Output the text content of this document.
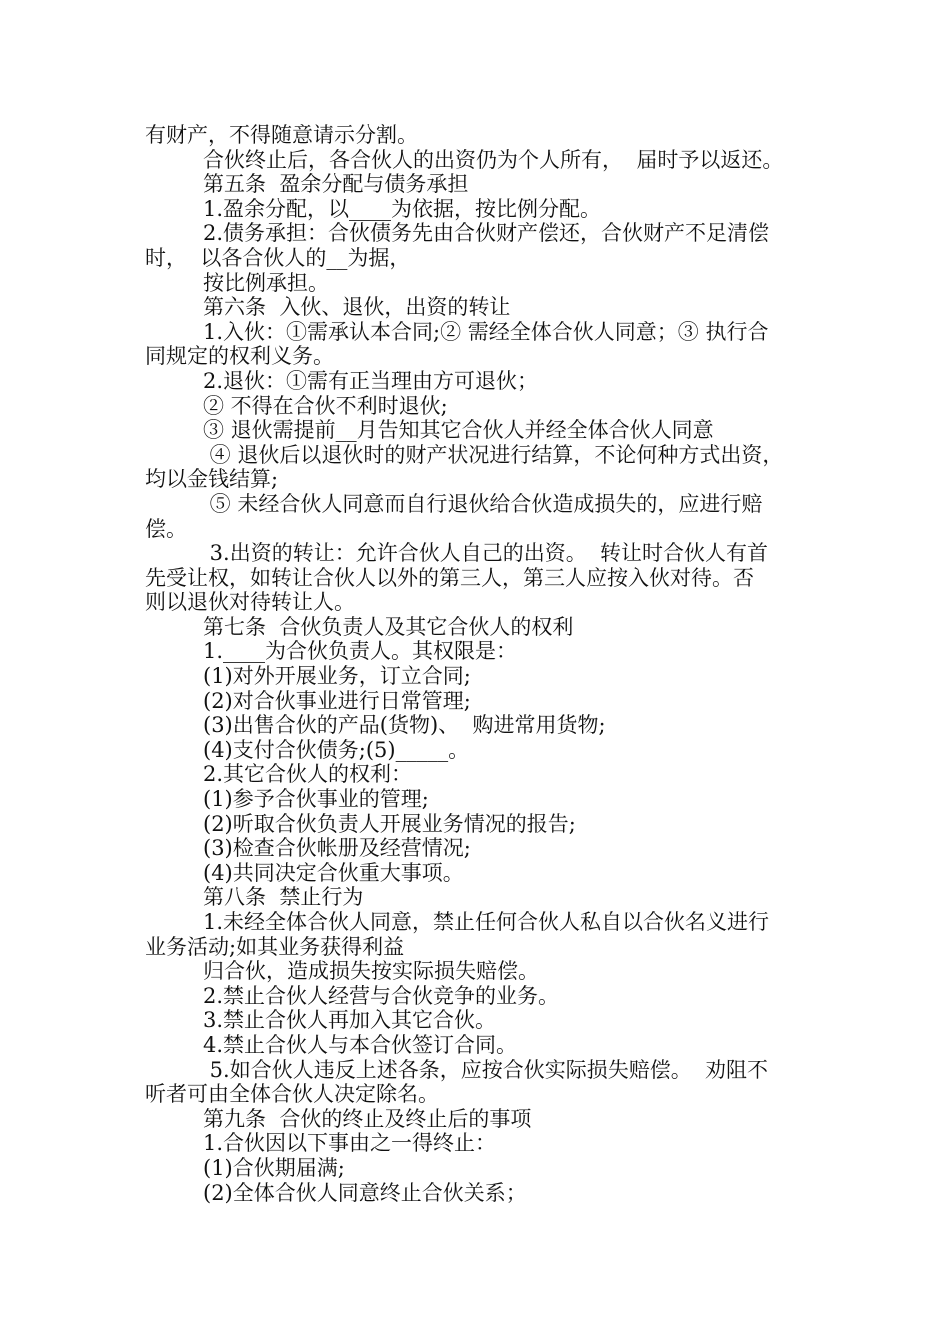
有财产，不得随意请示分割。
合伙终止后，各合伙人的出资仍为个人所有，  届时予以返还。
第五条  盈余分配与债务承担
1.盈余分配，以____为依据，按比例分配。
2.债务承担：合伙债务先由合伙财产偿还，合伙财产不足清偿
时，  以各合伙人的__为据，
按比例承担。
第六条  入伙、退伙，出资的转让
1.入伙：①需承认本合同;② 需经全体合伙人同意；③ 执行合
同规定的权利义务。
2.退伙：①需有正当理由方可退伙；
② 不得在合伙不利时退伙;
③ 退伙需提前__月告知其它合伙人并经全体合伙人同意
④ 退伙后以退伙时的财产状况进行结算，不论何种方式出资，
均以金钱结算;
⑤ 未经合伙人同意而自行退伙给合伙造成损失的，应进行赔
偿。
3.出资的转让：允许合伙人自己的出资。  转让时合伙人有首
先受让权，如转让合伙人以外的第三人，第三人应按入伙对待。否
则以退伙对待转让人。
第七条  合伙负责人及其它合伙人的权利
1.____为合伙负责人。其权限是：
(1)对外开展业务，订立合同;
(2)对合伙事业进行日常管理;
(3)出售合伙的产品(货物)、  购进常用货物;
(4)支付合伙债务;(5)_____。
2.其它合伙人的权利：
(1)参予合伙事业的管理;
(2)听取合伙负责人开展业务情况的报告;
(3)检查合伙帐册及经营情况;
(4)共同决定合伙重大事项。
第八条  禁止行为
1.未经全体合伙人同意，禁止任何合伙人私自以合伙名义进行
业务活动;如其业务获得利益
归合伙，造成损失按实际损失赔偿。
2.禁止合伙人经营与合伙竞争的业务。
3.禁止合伙人再加入其它合伙。
4.禁止合伙人与本合伙签订合同。
5.如合伙人违反上述各条，应按合伙实际损失赔偿。  劝阻不
听者可由全体合伙人决定除名。
第九条  合伙的终止及终止后的事项
1.合伙因以下事由之一得终止：
(1)合伙期届满;
(2)全体合伙人同意终止合伙关系；
